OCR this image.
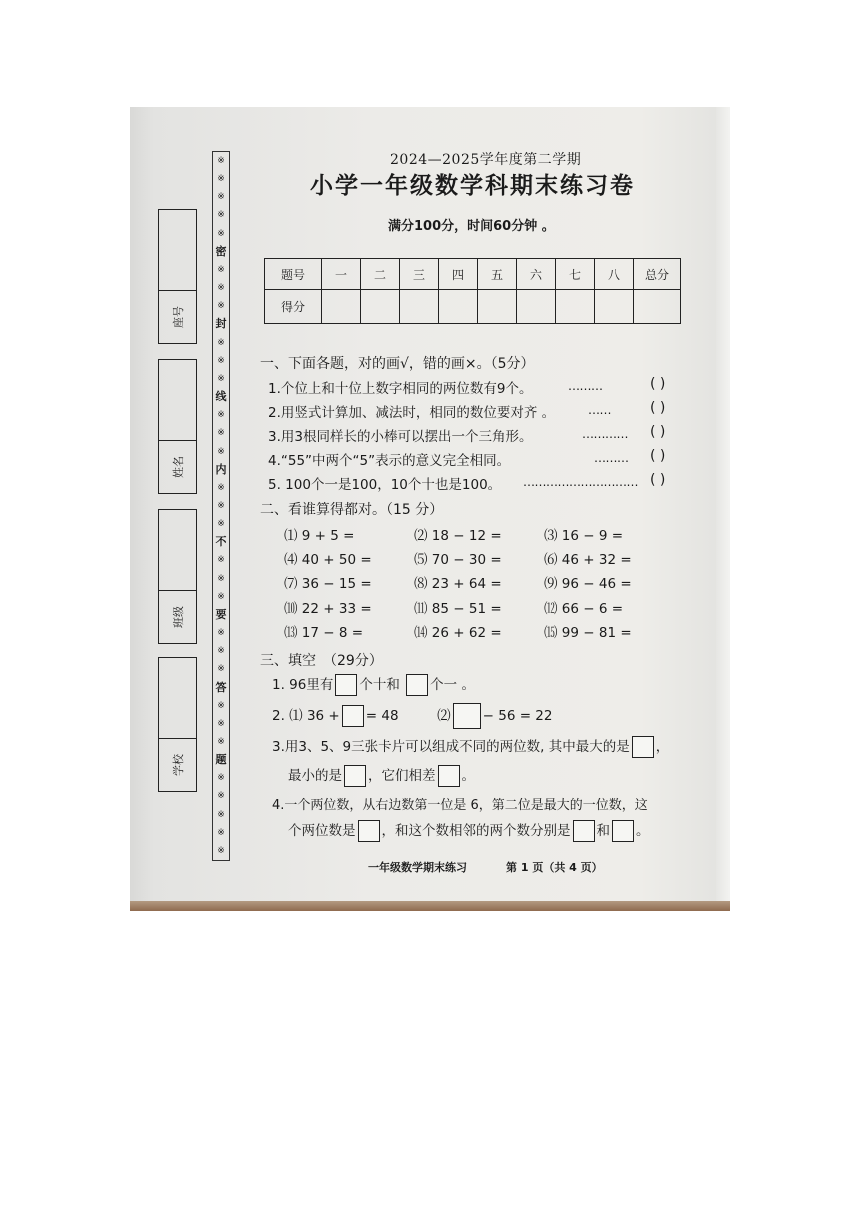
座号
姓名
班级
学校
※
※
※
※
※
密
※
※
※
封
※
※
※
线
※
※
※
内
※
※
※
不
※
※
※
要
※
※
※
答
※
※
※
题
※
※
※
※
※
2024—2025学年度第二学期
小学一年级数学科期末练习卷
满分100分，时间60分钟 。
题号	一	二	三	四	五	六	七	八	总分
得分									
一、下面各题，对的画√，错的画×。（5分）
1.个位上和十位上数字相同的两位数有9个。	………	( )
2.用竖式计算加、减法时，相同的数位要对齐 。	……	( )
3.用3根同样长的小棒可以摆出一个三角形。	………… ( )
4.“55”中两个“5”表示的意义完全相同。	……… ( )
5. 100个一是100，10个十也是100。 ………………………… ( )
二、看谁算得都对。（15 分）
⑴ 9 + 5 =	⑵ 18 − 12 =	⑶ 16 − 9 =
⑷ 40 + 50 =	⑸ 70 − 30 =	⑹ 46 + 32 =
⑺ 36 − 15 =	⑻ 23 + 64 =	⑼ 96 − 46 =
⑽ 22 + 33 =	⑾ 85 − 51 =	⑿ 66 − 6 =
⒀ 17 − 8 =	⒁ 26 + 62 =	⒂ 99 − 81 =
三、填空　（29分）
1. 96里有 个十和 个一 。
2. ⑴ 36 + = 48	⑵ − 56 = 22
3.用3、5、9三张卡片可以组成不同的两位数, 其中最大的是 ，
最小的是 ，它们相差 。
4.一个两位数，从右边数第一位是 6，第二位是最大的一位数，这
个两位数是 ，和这个数相邻的两个数分别是 和 。
一年级数学期末练习	第 1 页（共 4 页）
